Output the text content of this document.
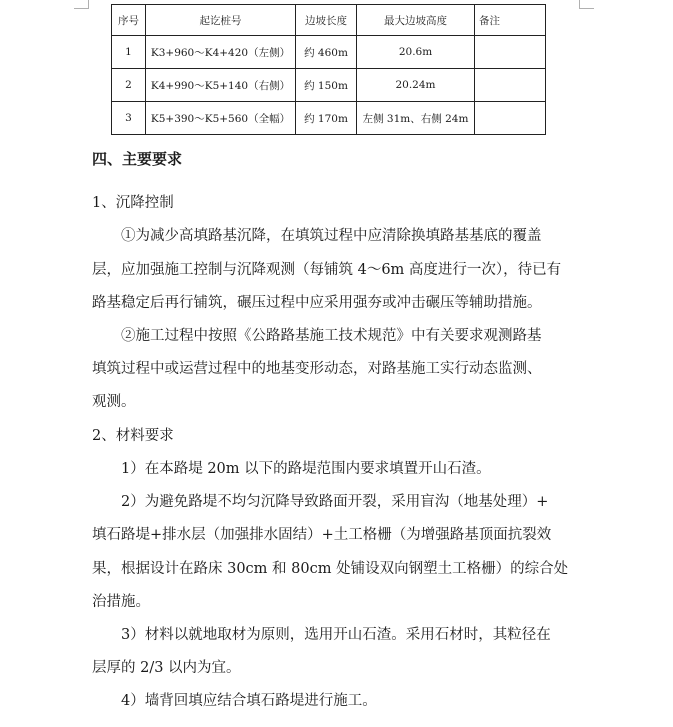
序号	起讫桩号	边坡长度	最大边坡高度	备注
1	K3+960～K4+420（左侧）	约 460m	20.6m	
2	K4+990～K5+140（右侧）	约 150m	20.24m	
3	K5+390～K5+560（全幅）	约 170m	左侧 31m、右侧 24m	

四、主要要求

1、沉降控制

　　①为减少高填路基沉降，在填筑过程中应清除换填路基基底的覆盖

层，应加强施工控制与沉降观测（每铺筑 4～6m 高度进行一次），待已有

路基稳定后再行铺筑，碾压过程中应采用强夯或冲击碾压等辅助措施。

　　②施工过程中按照《公路路基施工技术规范》中有关要求观测路基

填筑过程中或运营过程中的地基变形动态，对路基施工实行动态监测、

观测。

2、材料要求

　　1）在本路堤 20m 以下的路堤范围内要求填置开山石渣。

　　2）为避免路堤不均匀沉降导致路面开裂，采用盲沟（地基处理）+

填石路堤+排水层（加强排水固结）+土工格栅（为增强路基顶面抗裂效

果，根据设计在路床 30cm 和 80cm 处铺设双向钢塑土工格栅）的综合处

治措施。

　　3）材料以就地取材为原则，选用开山石渣。采用石材时，其粒径在

层厚的 2/3 以内为宜。

　　4）墙背回填应结合填石路堤进行施工。
